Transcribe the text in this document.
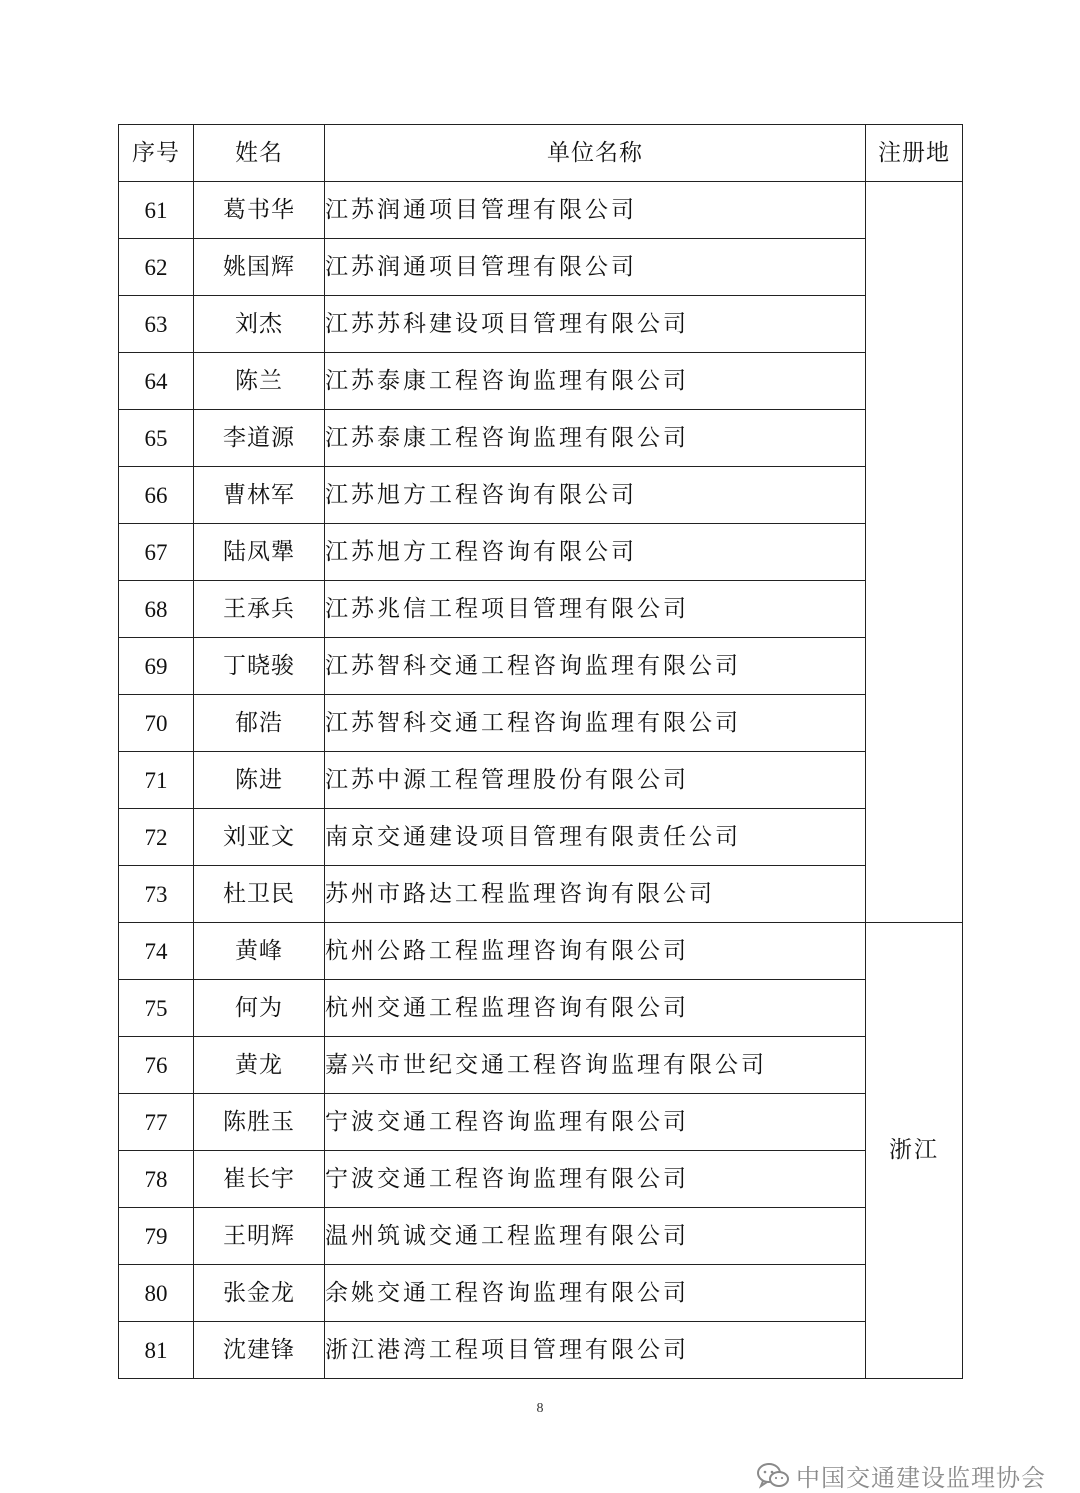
序号	姓名	单位名称	注册地
61	葛书华	江苏润通项目管理有限公司	
62	姚国辉	江苏润通项目管理有限公司	
63	刘杰	江苏苏科建设项目管理有限公司	
64	陈兰	江苏泰康工程咨询监理有限公司	
65	李道源	江苏泰康工程咨询监理有限公司	
66	曹林军	江苏旭方工程咨询有限公司	
67	陆凤犟	江苏旭方工程咨询有限公司	
68	王承兵	江苏兆信工程项目管理有限公司	
69	丁晓骏	江苏智科交通工程咨询监理有限公司	
70	郁浩	江苏智科交通工程咨询监理有限公司	
71	陈进	江苏中源工程管理股份有限公司	
72	刘亚文	南京交通建设项目管理有限责任公司	
73	杜卫民	苏州市路达工程监理咨询有限公司	
74	黄峰	杭州公路工程监理咨询有限公司	浙江
75	何为	杭州交通工程监理咨询有限公司	
76	黄龙	嘉兴市世纪交通工程咨询监理有限公司	
77	陈胜玉	宁波交通工程咨询监理有限公司	
78	崔长宇	宁波交通工程咨询监理有限公司	
79	王明辉	温州筑诚交通工程监理有限公司	
80	张金龙	余姚交通工程咨询监理有限公司	
81	沈建锋	浙江港湾工程项目管理有限公司	
8
中国交通建设监理协会
